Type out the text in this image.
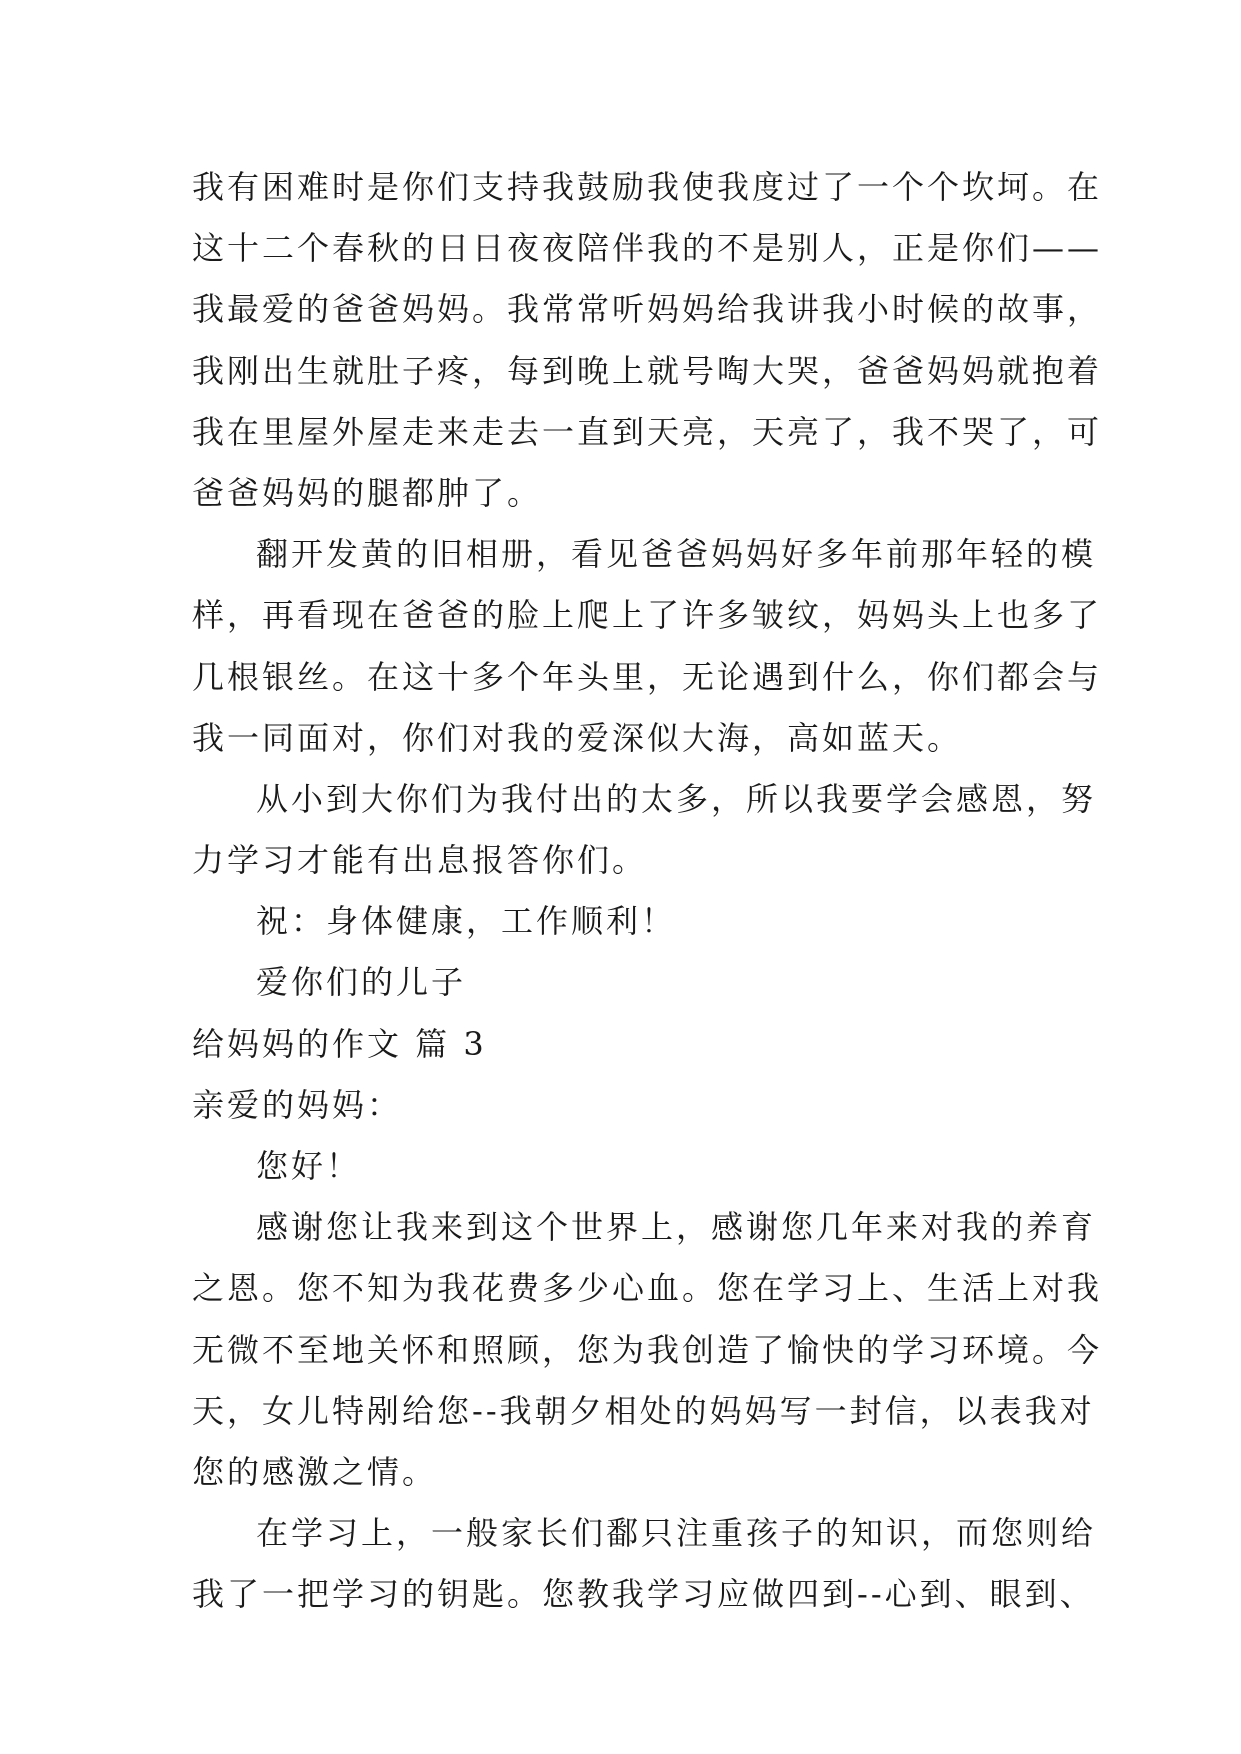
我有困难时是你们支持我鼓励我使我度过了一个个坎坷。在
这十二个春秋的日日夜夜陪伴我的不是别人，正是你们——
我最爱的爸爸妈妈。我常常听妈妈给我讲我小时候的故事，
我刚出生就肚子疼，每到晚上就号啕大哭，爸爸妈妈就抱着
我在里屋外屋走来走去一直到天亮，天亮了，我不哭了，可
爸爸妈妈的腿都肿了。
翻开发黄的旧相册，看见爸爸妈妈好多年前那年轻的模
样，再看现在爸爸的脸上爬上了许多皱纹，妈妈头上也多了
几根银丝。在这十多个年头里，无论遇到什么，你们都会与
我一同面对，你们对我的爱深似大海，高如蓝天。
从小到大你们为我付出的太多，所以我要学会感恩，努
力学习才能有出息报答你们。
祝：身体健康，工作顺利！
爱你们的儿子
给妈妈的作文 篇 3
亲爱的妈妈：
您好！
感谢您让我来到这个世界上，感谢您几年来对我的养育
之恩。您不知为我花费多少心血。您在学习上、生活上对我
无微不至地关怀和照顾，您为我创造了愉快的学习环境。今
天，女儿特剐给您--我朝夕相处的妈妈写一封信，以表我对
您的感激之情。
在学习上，一般家长们鄱只注重孩子的知识，而您则给
我了一把学习的钥匙。您教我学习应做四到--心到、眼到、
